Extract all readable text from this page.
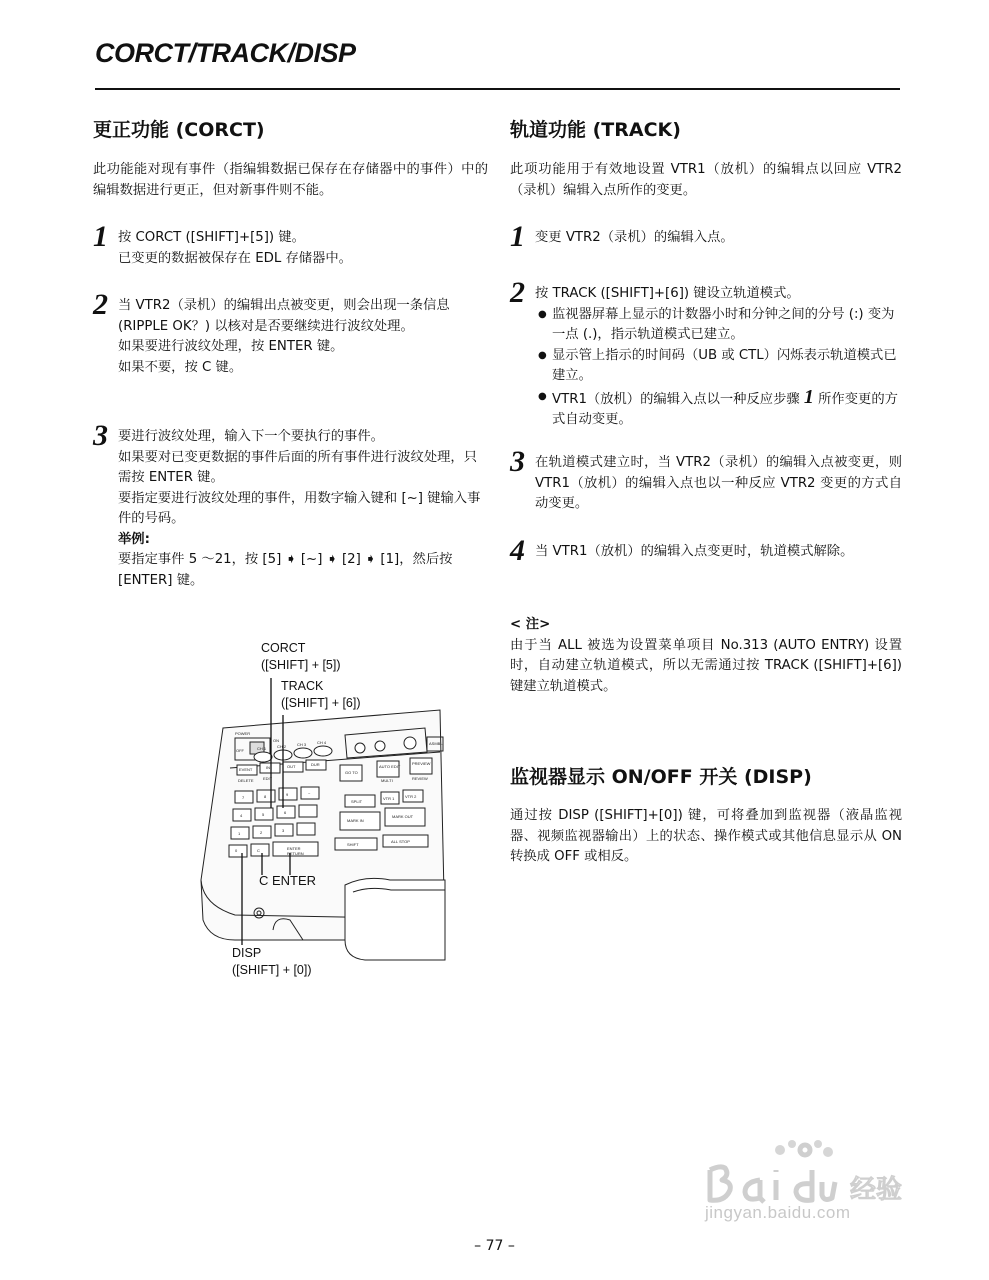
CORCT/TRACK/DISP
更正功能 (CORCT)
此功能能对现有事件（指编辑数据已保存在存储器中的事件）中的编辑数据进行更正，但对新事件则不能。
1 按 CORCT ([SHIFT]+[5]) 键。
已变更的数据被保存在 EDL 存储器中。
2 当 VTR2（录机）的编辑出点被变更，则会出现一条信息 (RIPPLE OK？) 以核对是否要继续进行波纹处理。
如果要进行波纹处理，按 ENTER 键。
如果不要，按 C 键。
3 要进行波纹处理，输入下一个要执行的事件。
如果要对已变更数据的事件后面的所有事件进行波纹处理，只需按 ENTER 键。
要指定要进行波纹处理的事件，用数字输入键和 [~] 键输入事件的号码。
举例:
要指定事件 5 ～21，按 [5] ➧ [~] ➧ [2] ➧ [1]，然后按 [ENTER] 键。
POWER
ON
OFF	CH 1	CH 2	CH 3	CH 4
EVENT	IN	OUT	DUR
DELETE EDIT
GO TO
AUTO EDIT
PREVIEW
REVIEW
MULTI
SPLIT
VTR 1	VTR 2
MARK IN
MARK OUT
SHIFT
ALL STOP
ASMBL
ENTER
RETURN
C
0
7	8	9	~
4	5	6
1	2	3
CORCT
([SHIFT] + [5])
TRACK
([SHIFT] + [6])
C ENTER
DISP
([SHIFT] + [0])
轨道功能 (TRACK)
此项功能用于有效地设置 VTR1（放机）的编辑点以回应 VTR2（录机）编辑入点所作的变更。
1 变更 VTR2（录机）的编辑入点。
2 按 TRACK ([SHIFT]+[6]) 键设立轨道模式。
● 监视器屏幕上显示的计数器小时和分钟之间的分号 (:) 变为一点 (.)，指示轨道模式已建立。
● 显示管上指示的时间码（UB 或 CTL）闪烁表示轨道模式已建立。
● VTR1（放机）的编辑入点以一种反应步骤 1 所作变更的方式自动变更。
3 在轨道模式建立时，当 VTR2（录机）的编辑入点被变更，则 VTR1（放机）的编辑入点也以一种反应 VTR2 变更的方式自动变更。
4 当 VTR1（放机）的编辑入点变更时，轨道模式解除。
< 注>
由于当 ALL 被选为设置菜单项目 No.313 (AUTO ENTRY) 设置时，自动建立轨道模式，所以无需通过按 TRACK ([SHIFT]+[6]) 键建立轨道模式。
监视器显示 ON/OFF 开关 (DISP)
通过按 DISP ([SHIFT]+[0]) 键，可将叠加到监视器（液晶监视器、视频监视器输出）上的状态、操作模式或其他信息显示从 ON 转换成 OFF 或相反。
经验
jingyan.baidu.com
– 77 –
